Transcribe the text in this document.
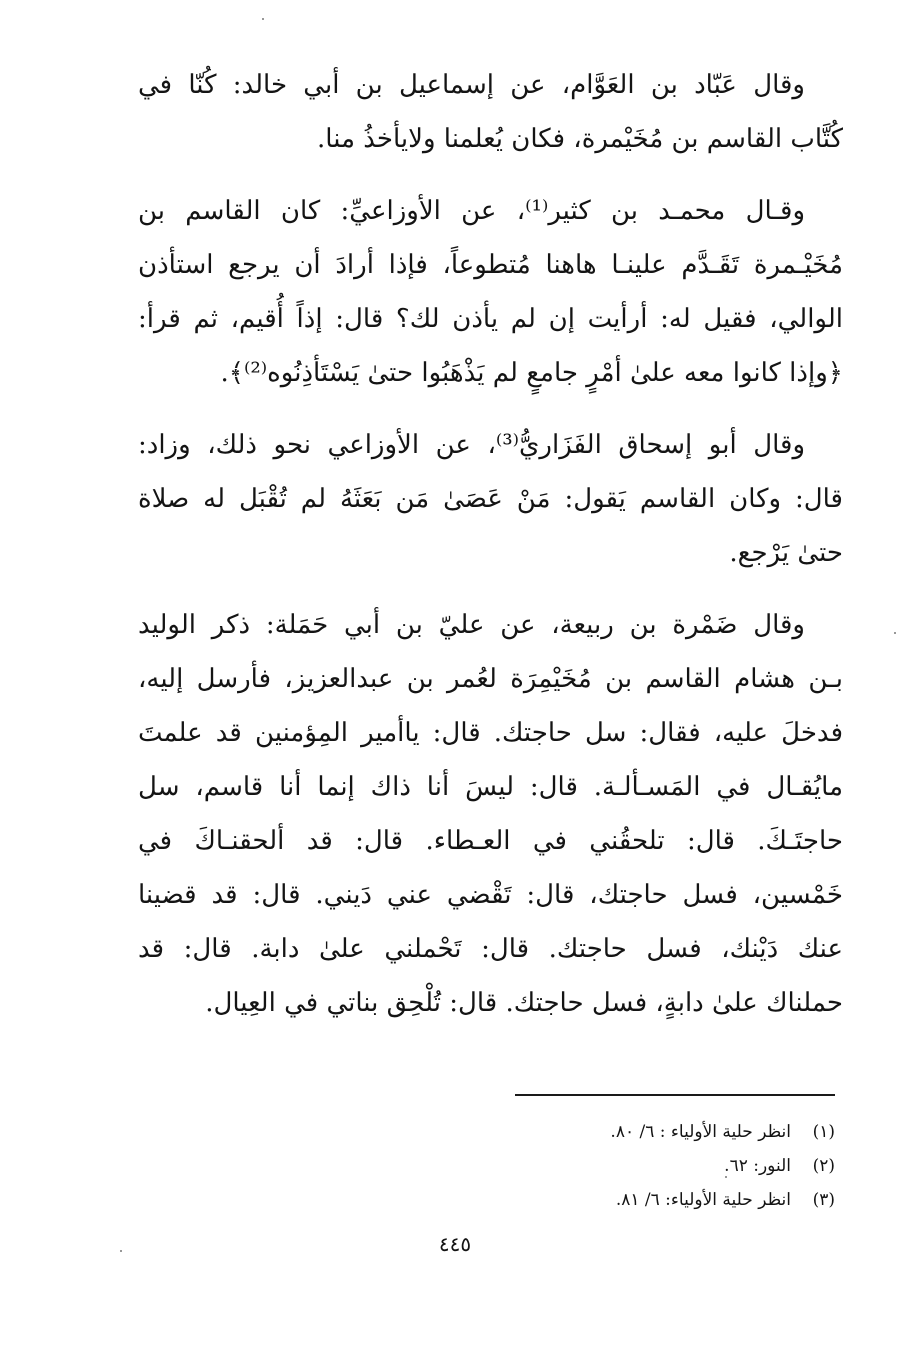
وقال عَبّاد بن العَوَّام، عن إسماعيل بن أبي خالد: كُنّا في
كُتَّاب القاسم بن مُخَيْمرة، فكان يُعلمنا ولايأخذُ منا.

وقـال محمـد بن كثير⁽¹⁾، عن الأوزاعيِّ: كان القاسم بن
مُخَيْـمرة تَقَـدَّم علينـا هاهنا مُتطوعاً، فإذا أرادَ أن يرجع استأذن
الوالي، فقيل له: أرأيت إن لم يأذن لك؟ قال: إذاً أُقيم، ثم قرأ:
﴿وإذا كانوا معه علىٰ أمْرٍ جامعٍ لم يَذْهَبُوا حتىٰ يَسْتَأذِنُوه⁽²⁾﴾.

وقال أبو إسحاق الفَزَاريُّ⁽³⁾، عن الأوزاعي نحو ذلك، وزاد:
قال: وكان القاسم يَقول: مَنْ عَصَىٰ مَن بَعَثَهُ لم تُقْبَل له صلاة
حتىٰ يَرْجع.

وقال ضَمْرة بن ربيعة، عن عليّ بن أبي حَمَلة: ذكر الوليد
بـن هشام القاسم بن مُخَيْمِرَة لعُمر بن عبدالعزيز، فأرسل إليه،
فدخلَ عليه، فقال: سل حاجتك. قال: ياأمير المِؤمنين قد علمتَ
مايُقـال في المَسـألـة. قال: ليسَ أنا ذاك إنما أنا قاسم، سل
حاجتَـكَ. قال: تلحقُني في العـطاء. قال: قد ألحقنـاكَ في
خَمْسين، فسل حاجتك، قال: تَقْضي عني دَيني. قال: قد قضينا
عنك دَيْنك، فسل حاجتك. قال: تَحْملني علىٰ دابة. قال: قد
حملناك علىٰ دابةٍ، فسل حاجتك. قال: تُلْحِق بناتي في العِيال.

(١)انظر حلية الأولياء : ٦/ ٨٠.
(٢)النور: ٦٢.
(٣)انظر حلية الأولياء: ٦/ ٨١.
٤٤٥
